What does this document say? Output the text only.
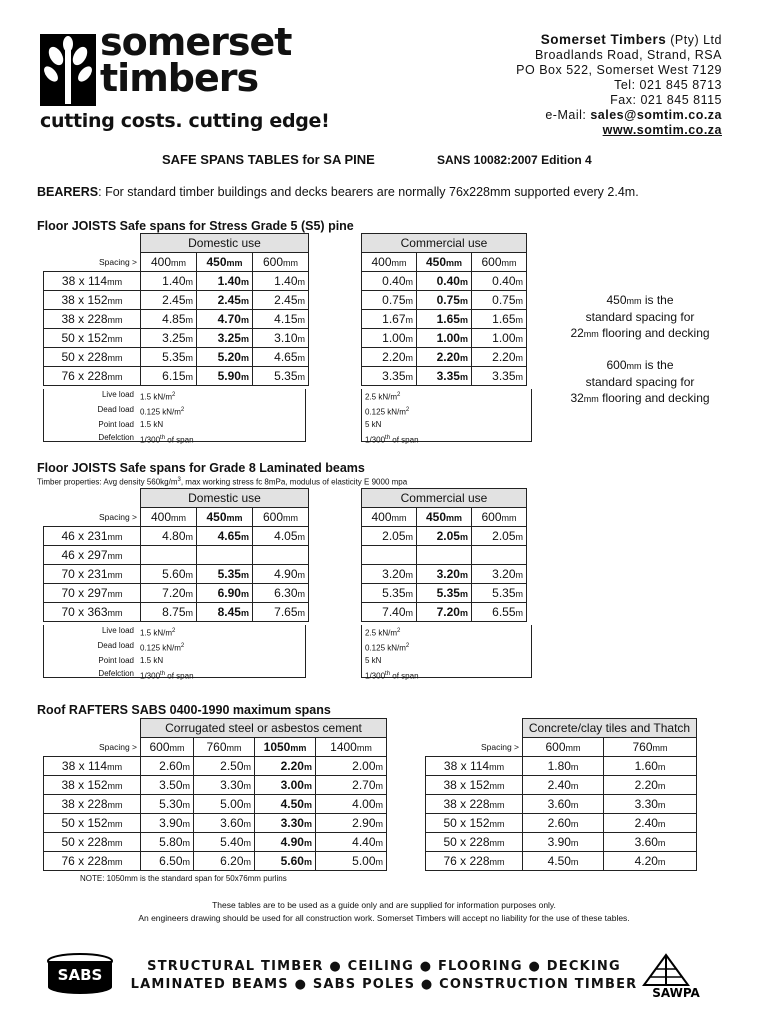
somerset
timbers
cutting costs. cutting edge!
Somerset Timbers (Pty) Ltd
Broadlands Road, Strand, RSA
PO Box 522, Somerset West 7129
Tel: 021 845 8713
Fax: 021 845 8115
e-Mail: sales@somtim.co.za
www.somtim.co.za
SAFE SPANS TABLES for SA PINE	SANS 10082:2007 Edition 4
BEARERS: For standard timber buildings and decks bearers are normally 76x228mm supported every 2.4m.
Floor JOISTS Safe spans for Stress Grade 5 (S5) pine
	Domestic use		
Spacing >	400mm	450mm	600mm
38 x 114mm	1.40m	1.40m	1.40m
38 x 152mm	2.45m	2.45m	2.45m
38 x 228mm	4.85m	4.70m	4.15m
50 x 152mm	3.25m	3.25m	3.10m
50 x 228mm	5.35m	5.20m	4.65m
76 x 228mm	6.15m	5.90m	5.35m
Commercial use		
400mm	450mm	600mm
0.40m	0.40m	0.40m
0.75m	0.75m	0.75m
1.67m	1.65m	1.65m
1.00m	1.00m	1.00m
2.20m	2.20m	2.20m
3.35m	3.35m	3.35m
Live load 1.5 $kN/m^2$
Dead load 0.125 $kN/m^2$
Point load 1.5 kN
Defelction 1/300th of span
2.5 $kN/m^2$
0.125 $kN/m^2$
5 kN
1/300th of span
450mm is the
standard spacing for
22mm flooring and decking
600mm is the
standard spacing for
32mm flooring and decking
Floor JOISTS Safe spans for Grade 8 Laminated beams
Timber properties: Avg density $560kg/m^3$, max working stress fc 8mPa, modulus of elasticity E 9000 mpa
	Domestic use		
Spacing >	400mm	450mm	600mm
46 x 231mm	4.80m	4.65m	4.05m
46 x 297mm			
70 x 231mm	5.60m	5.35m	4.90m
70 x 297mm	7.20m	6.90m	6.30m
70 x 363mm	8.75m	8.45m	7.65m
Commercial use		
400mm	450mm	600mm
2.05m	2.05m	2.05m

3.20m	3.20m	3.20m
5.35m	5.35m	5.35m
7.40m	7.20m	6.55m
Live load 1.5 $kN/m^2$
Dead load 0.125 $kN/m^2$
Point load 1.5 kN
Defelction 1/300th of span
2.5 $kN/m^2$
0.125 $kN/m^2$
5 kN
1/300th of span
Roof RAFTERS SABS 0400-1990 maximum spans
	Corrugated steel or asbestos cement			
Spacing >	600mm	760mm	1050mm	1400mm
38 x 114mm	2.60m	2.50m	2.20m	2.00m
38 x 152mm	3.50m	3.30m	3.00m	2.70m
38 x 228mm	5.30m	5.00m	4.50m	4.00m
50 x 152mm	3.90m	3.60m	3.30m	2.90m
50 x 228mm	5.80m	5.40m	4.90m	4.40m
76 x 228mm	6.50m	6.20m	5.60m	5.00m
	Concrete/clay tiles and Thatch	
Spacing >	600mm	760mm
38 x 114mm	1.80m	1.60m
38 x 152mm	2.40m	2.20m
38 x 228mm	3.60m	3.30m
50 x 152mm	2.60m	2.40m
50 x 228mm	3.90m	3.60m
76 x 228mm	4.50m	4.20m
NOTE: 1050mm is the standard span for 50x76mm purlins
These tables are to be used as a guide only and are supplied for information purposes only.
An engineers drawing should be used for all construction work. Somerset Timbers will accept no liability for the use of these tables.
SABS	STRUCTURAL TIMBER ● CEILING ● FLOORING ● DECKING
LAMINATED BEAMS ● SABS POLES ● CONSTRUCTION TIMBER
SAWPA
